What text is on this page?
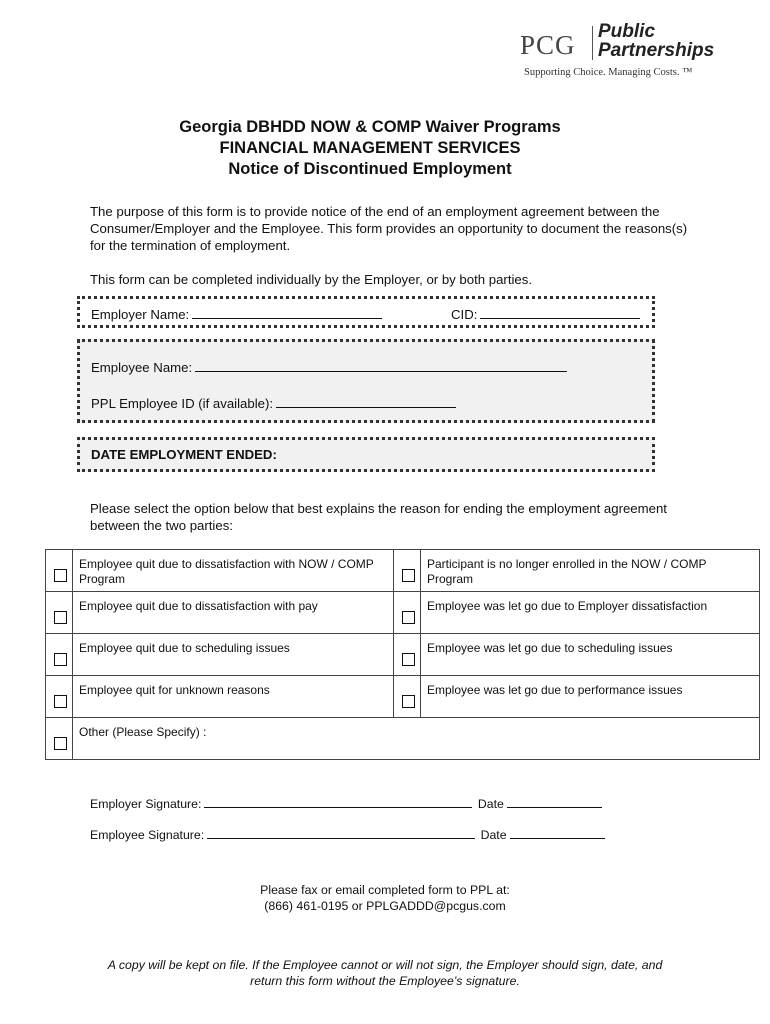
PCG Public
Partnerships
Supporting Choice. Managing Costs. ™
Georgia DBHDD NOW & COMP Waiver Programs
FINANCIAL MANAGEMENT SERVICES
Notice of Discontinued Employment
The purpose of this form is to provide notice of the end of an employment agreement between the Consumer/Employer and the Employee. This form provides an opportunity to document the reasons(s) for the termination of employment.
This form can be completed individually by the Employer, or by both parties.
Employer Name:	CID:
Employee Name:
PPL Employee ID (if available):
DATE EMPLOYMENT ENDED:
Please select the option below that best explains the reason for ending the employment agreement between the two parties:
	Employee quit due to dissatisfaction with NOW / COMP Program		Participant is no longer enrolled in the NOW / COMP Program

	Employee quit due to dissatisfaction with pay		Employee was let go due to Employer dissatisfaction

	Employee quit due to scheduling issues		Employee was let go due to scheduling issues

	Employee quit for unknown reasons		Employee was let go due to performance issues

	Other (Please Specify) :		
Employer Signature:	Date
Employee Signature:	Date
Please fax or email completed form to PPL at:
(866) 461-0195 or PPLGADDD@pcgus.com
A copy will be kept on file. If the Employee cannot or will not sign, the Employer should sign, date, and
return this form without the Employee’s signature.
